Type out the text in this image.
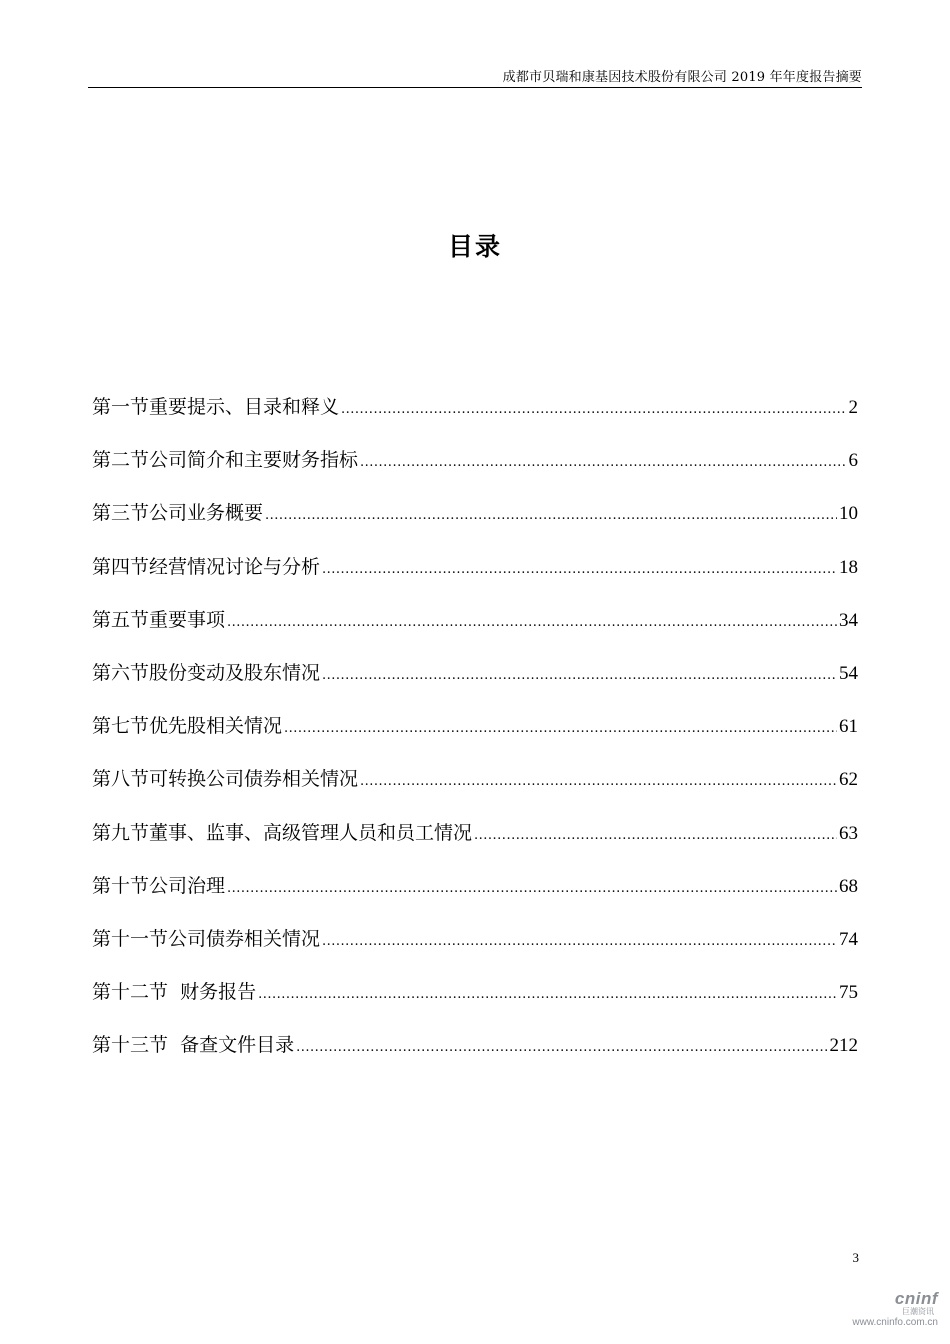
成都市贝瑞和康基因技术股份有限公司 2019 年年度报告摘要
目录
第一节重要提示、目录和释义 .....	2
第二节公司简介和主要财务指标 .....	6
第三节公司业务概要 .....	10
第四节经营情况讨论与分析 .....	18
第五节重要事项 .....	34
第六节股份变动及股东情况 .....	54
第七节优先股相关情况 .....	61
第八节可转换公司债券相关情况 .....	62
第九节董事、监事、高级管理人员和员工情况 .....	63
第十节公司治理 .....	68
第十一节公司债券相关情况 .....	74
第十二节  财务报告 .....	75
第十三节  备查文件目录 .....	212
3
cninf
巨潮资讯
www.cninfo.com.cn
